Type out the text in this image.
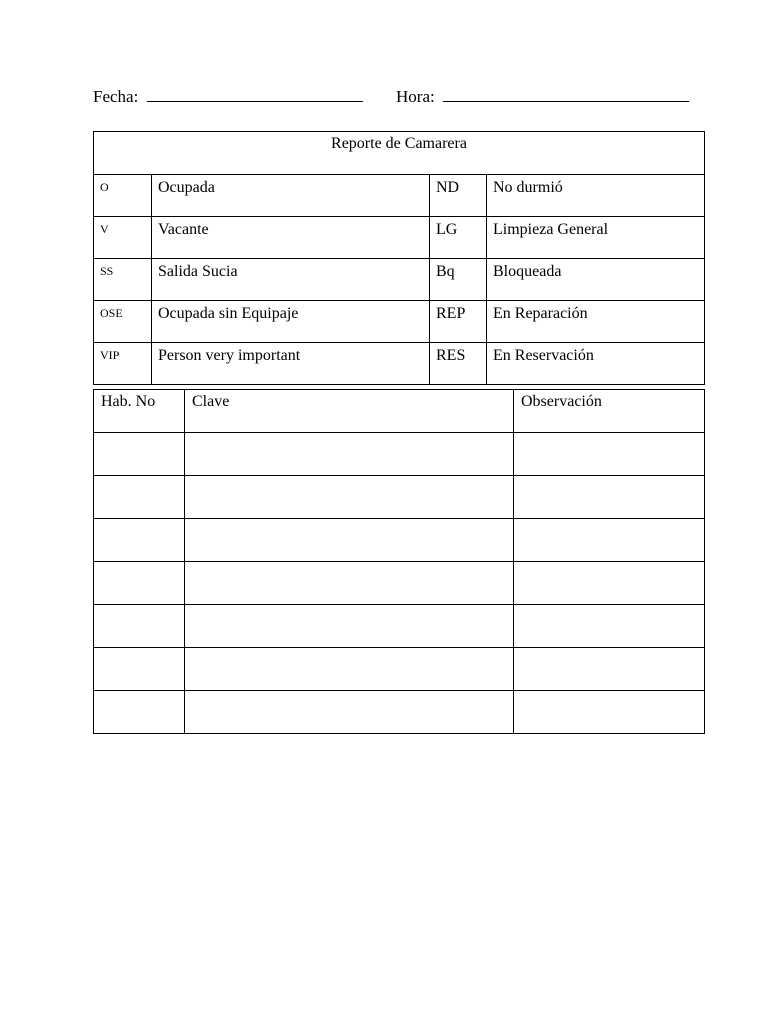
Fecha:	Hora:
Reporte de Camarera			
O	Ocupada	ND	No durmió
V	Vacante	LG	Limpieza General
SS	Salida Sucia	Bq	Bloqueada
OSE	Ocupada sin Equipaje	REP	En Reparación
VIP	Person very important	RES	En Reservación
Hab. No	Clave	Observación
